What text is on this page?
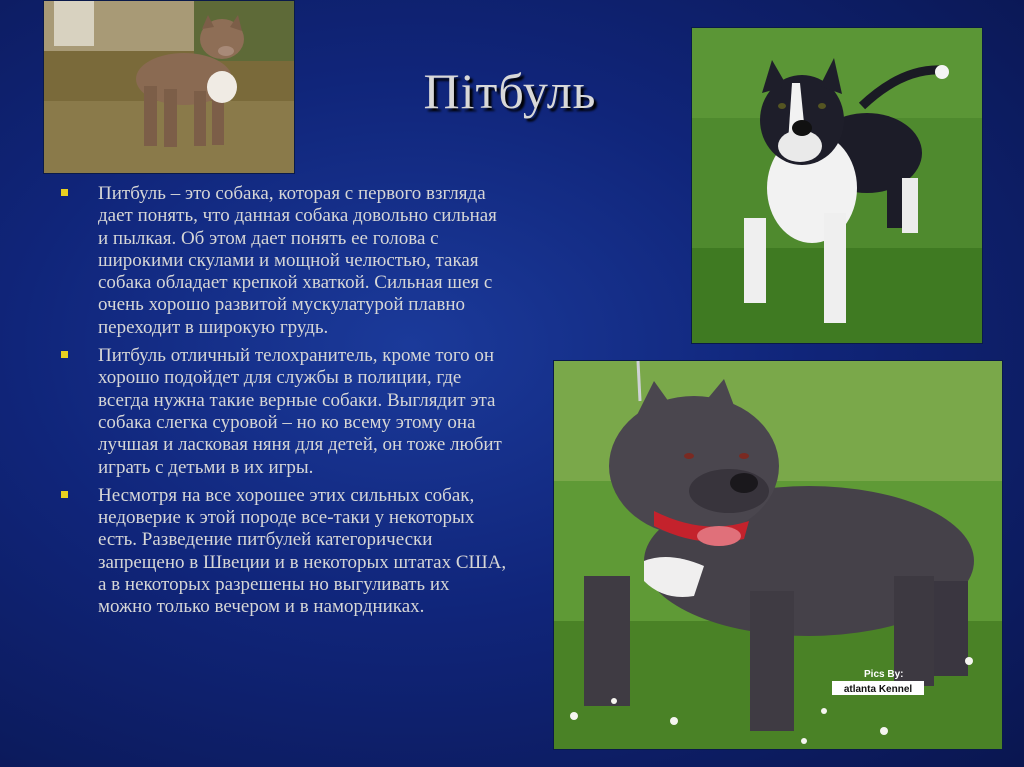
Пітбуль
Pics By:
atlanta Kennel
Питбуль – это собака, которая с первого взгляда дает понять, что данная собака довольно сильная и пылкая. Об этом дает понять ее голова с широкими скулами и мощной челюстью, такая собака обладает крепкой хваткой. Сильная шея с очень хорошо развитой мускулатурой плавно переходит в широкую грудь.
Питбуль отличный телохранитель, кроме того он хорошо подойдет для службы в полиции, где всегда нужна такие верные собаки. Выглядит эта собака слегка суровой – но ко всему этому она лучшая и ласковая няня для детей, он тоже любит играть с детьми в их игры.
Несмотря на все хорошее этих сильных собак, недоверие к этой породе все-таки у некоторых есть. Разведение питбулей категорически запрещено в Швеции и в некоторых штатах США, а в некоторых разрешены но выгуливать их можно только вечером и в намордниках.
